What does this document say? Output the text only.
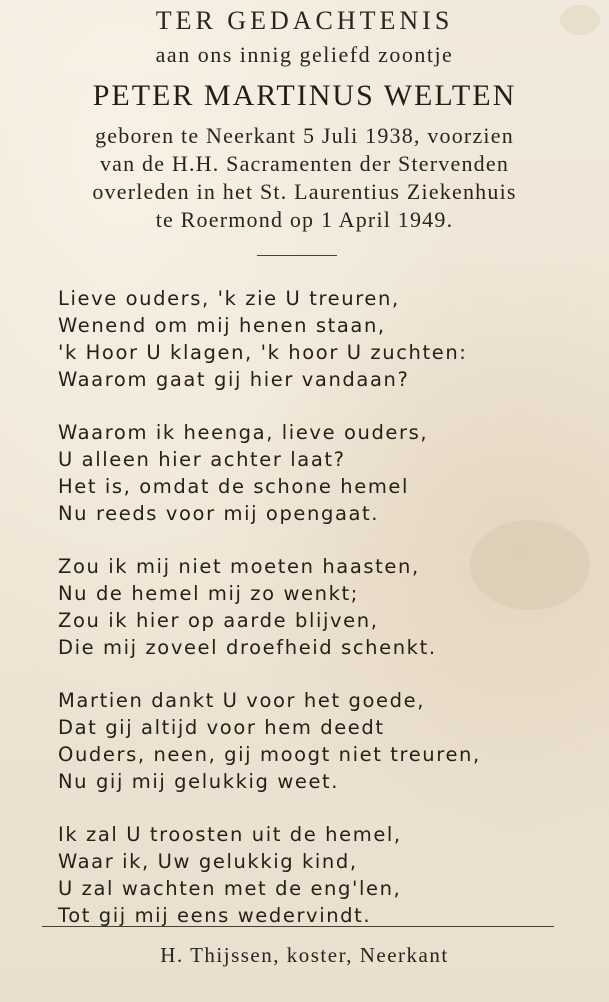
TER GEDACHTENIS
aan ons innig geliefd zoontje
PETER MARTINUS WELTEN
geboren te Neerkant 5 Juli 1938, voorzien
van de H.H. Sacramenten der Stervenden
overleden in het St. Laurentius Ziekenhuis
te Roermond op 1 April 1949.
Lieve ouders, 'k zie U treuren,
Wenend om mij henen staan,
'k Hoor U klagen, 'k hoor U zuchten:
Waarom gaat gij hier vandaan?
Waarom ik heenga, lieve ouders,
U alleen hier achter laat?
Het is, omdat de schone hemel
Nu reeds voor mij opengaat.
Zou ik mij niet moeten haasten,
Nu de hemel mij zo wenkt;
Zou ik hier op aarde blijven,
Die mij zoveel droefheid schenkt.
Martien dankt U voor het goede,
Dat gij altijd voor hem deedt
Ouders, neen, gij moogt niet treuren,
Nu gij mij gelukkig weet.
Ik zal U troosten uit de hemel,
Waar ik, Uw gelukkig kind,
U zal wachten met de eng'len,
Tot gij mij eens wedervindt.
H. Thijssen, koster, Neerkant
